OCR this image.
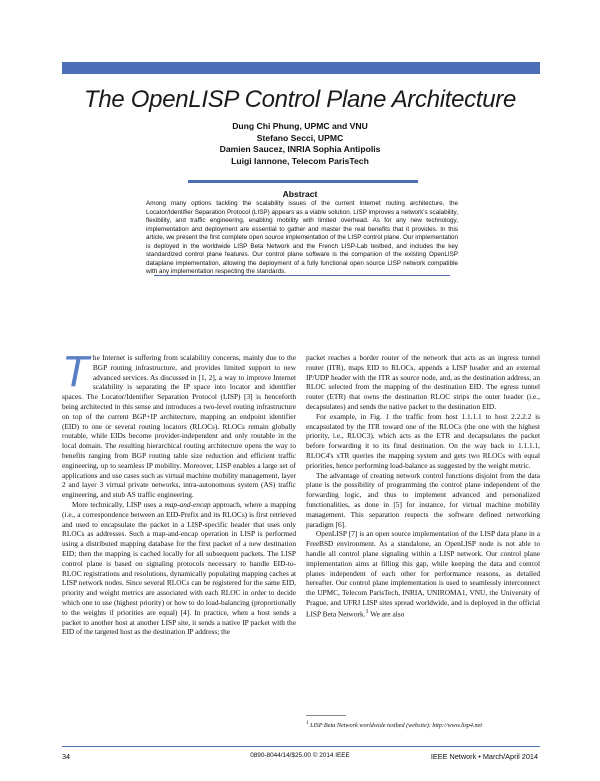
The OpenLISP Control Plane Architecture
Dung Chi Phung, UPMC and VNU
Stefano Secci, UPMC
Damien Saucez, INRIA Sophia Antipolis
Luigi Iannone, Telecom ParisTech
Abstract
Among many options tackling the scalability issues of the current Internet routing architecture, the Locator/Identifier Separation Protocol (LISP) appears as a viable solution. LISP improves a network's scalability, flexibility, and traffic engineering, enabling mobility with limited overhead. As for any new technology, implementation and deployment are essential to gather and master the real benefits that it provides. In this article, we present the first complete open source implementation of the LISP control plane. Our implementation is deployed in the worldwide LISP Beta Network and the French LISP-Lab testbed, and includes the key standardized control plane features. Our control plane software is the companion of the existing OpenLISP dataplane implementation, allowing the deployment of a fully functional open source LISP network compatible with any implementation respecting the standards.

The Internet is suffering from scalability concerns, mainly due to the BGP routing infrastructure, and provides limited support to new advanced services. As discussed in [1, 2], a way to improve Internet scalability is separating the IP space into locator and identifier spaces. The Locator/Identifier Separation Protocol (LISP) [3] is henceforth being architected in this sense and introduces a two-level routing infrastructure on top of the current BGP+IP architecture, mapping an endpoint identifier (EID) to one or several routing locators (RLOCs). RLOCs remain globally routable, while EIDs become provider-independent and only routable in the local domain. The resulting hierarchical routing architecture opens the way to benefits ranging from BGP routing table size reduction and efficient traffic engineering, up to seamless IP mobility. Moreover, LISP enables a large set of applications and use cases such as virtual machine mobility management, layer 2 and layer 3 virtual private networks, intra-autonomous system (AS) traffic engineering, and stub AS traffic engineering.

More technically, LISP uses a map-and-encap approach, where a mapping (i.e., a correspondence between an EID-Prefix and its RLOCs) is first retrieved and used to encapsulate the packet in a LISP-specific header that uses only RLOCs as addresses. Such a map-and-encap operation in LISP is performed using a distributed mapping database for the first packet of a new destination EID; then the mapping is cached locally for all subsequent packets. The LISP control plane is based on signaling protocols necessary to handle EID-to-RLOC registrations and resolutions, dynamically populating mapping caches at LISP network nodes. Since several RLOCs can be registered for the same EID, priority and weight metrics are associated with each RLOC in order to decide which one to use (highest priority) or how to do load-balancing (proportionally to the weights if priorities are equal) [4]. In practice, when a host sends a packet to another host at another LISP site, it sends a native IP packet with the EID of the targeted host as the destination IP address; the

packet reaches a border router of the network that acts as an ingress tunnel router (ITR), maps EID to RLOCs, appends a LISP header and an external IP/UDP header with the ITR as source node, and, as the destination address, an RLOC selected from the mapping of the destination EID. The egress tunnel router (ETR) that owns the destination RLOC strips the outer header (i.e., decapsulates) and sends the native packet to the destination EID.

For example, in Fig. 1 the traffic from host 1.1.1.1 to host 2.2.2.2 is encapsulated by the ITR toward one of the RLOCs (the one with the highest priority, i.e., RLOC3), which acts as the ETR and decapsulates the packet before forwarding it to its final destination. On the way back to 1.1.1.1, RLOC4's xTR queries the mapping system and gets two RLOCs with equal priorities, hence performing load-balance as suggested by the weight metric.

The advantage of creating network control functions disjoint from the data plane is the possibility of programming the control plane independent of the forwarding logic, and thus to implement advanced and personalized functionalities, as done in [5] for instance, for virtual machine mobility management. This separation respects the software defined networking paradigm [6].

OpenLISP [7] is an open source implementation of the LISP data plane in a FreeBSD environment. As a standalone, an OpenLISP node is not able to handle all control plane signaling within a LISP network. Our control plane implementation aims at filling this gap, while keeping the data and control planes independent of each other for performance reasons, as detailed hereafter. Our control plane implementation is used to seamlessly interconnect the UPMC, Telecom ParisTech, INRIA, UNIROMA1, VNU, the University of Prague, and UFRJ LISP sites spread worldwide, and is deployed in the official LISP Beta Network.$^1$ We are also

$^1$ LISP Beta Network worldwide testbed (website): http://www.lisp4.net
34	0890-8044/14/$25.00 © 2014 IEEE	IEEE Network • March/April 2014
